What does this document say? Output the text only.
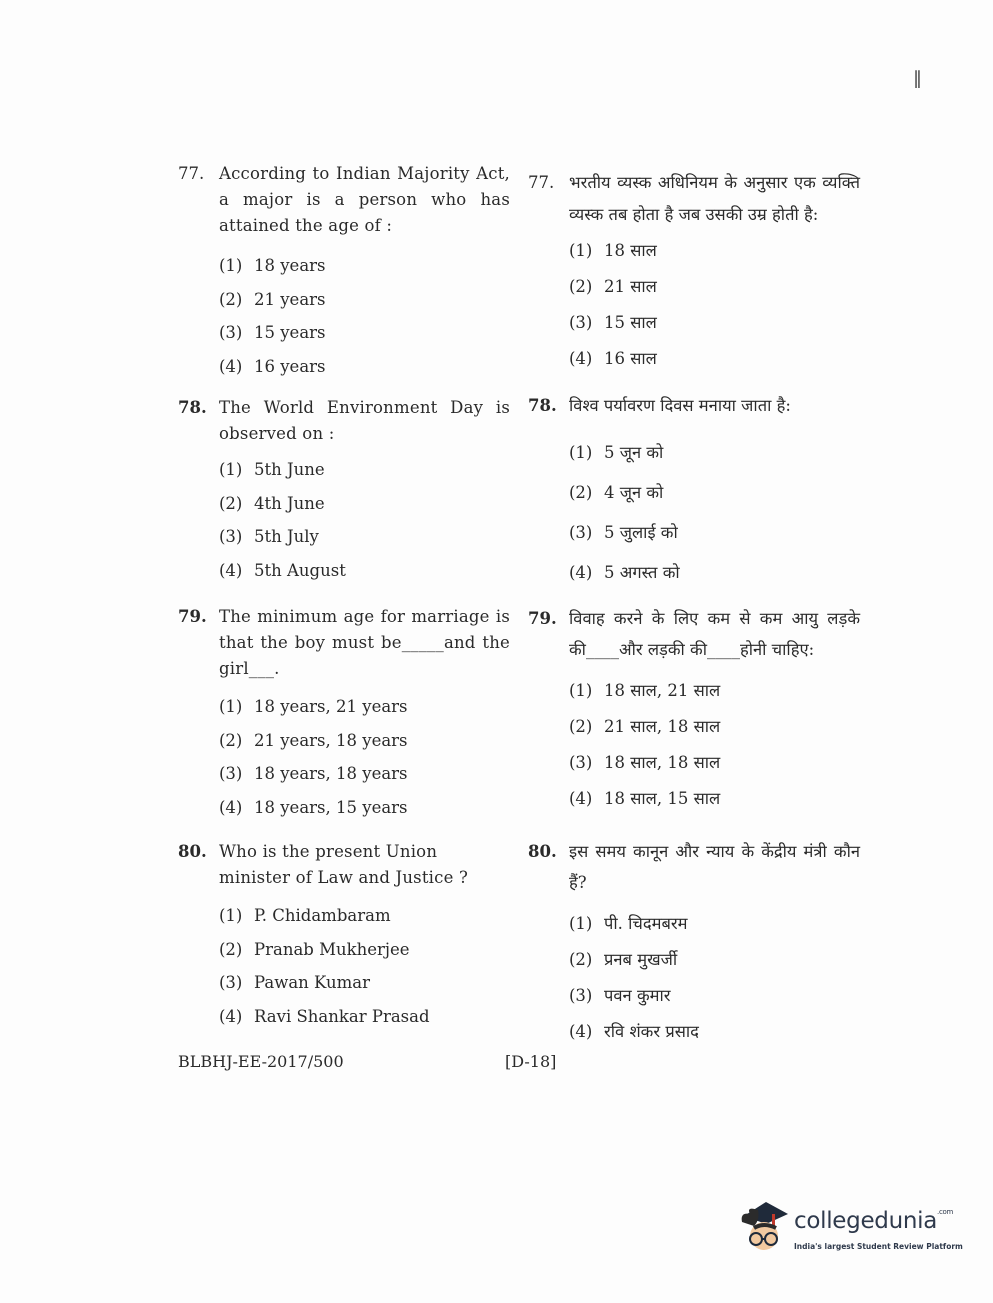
‖
77. According to Indian Majority Act, a major is a person who has attained the age of :
(1) 18 years
(2) 21 years
(3) 15 years
(4) 16 years
77. भरतीय व्यस्क अधिनियम के अनुसार एक व्यक्ति व्यस्क तब होता है जब उसकी उम्र होती है:
(1) 18 साल
(2) 21 साल
(3) 15 साल
(4) 16 साल
78. The World Environment Day is observed on :
(1) 5th June
(2) 4th June
(3) 5th July
(4) 5th August
78. विश्व पर्यावरण दिवस मनाया जाता है:
(1) 5 जून को
(2) 4 जून को
(3) 5 जुलाई को
(4) 5 अगस्त को
79. The minimum age for marriage is that the boy must be_____and the girl___.
(1) 18 years, 21 years
(2) 21 years, 18 years
(3) 18 years, 18 years
(4) 18 years, 15 years
79. विवाह करने के लिए कम से कम आयु लड़के की____और लड़की की____होनी चाहिए:
(1) 18 साल, 21 साल
(2) 21 साल, 18 साल
(3) 18 साल, 18 साल
(4) 18 साल, 15 साल
80. Who is the present Union minister of Law and Justice ?
(1) P. Chidambaram
(2) Pranab Mukherjee
(3) Pawan Kumar
(4) Ravi Shankar Prasad
80. इस समय कानून और न्याय के केंद्रीय मंत्री कौन हैं?
(1) पी. चिदमबरम
(2) प्रनब मुखर्जी
(3) पवन कुमार
(4) रवि शंकर प्रसाद
BLBHJ-EE-2017/500	[D-18]
collegedunia$^{.com}$
India's largest Student Review Platform
